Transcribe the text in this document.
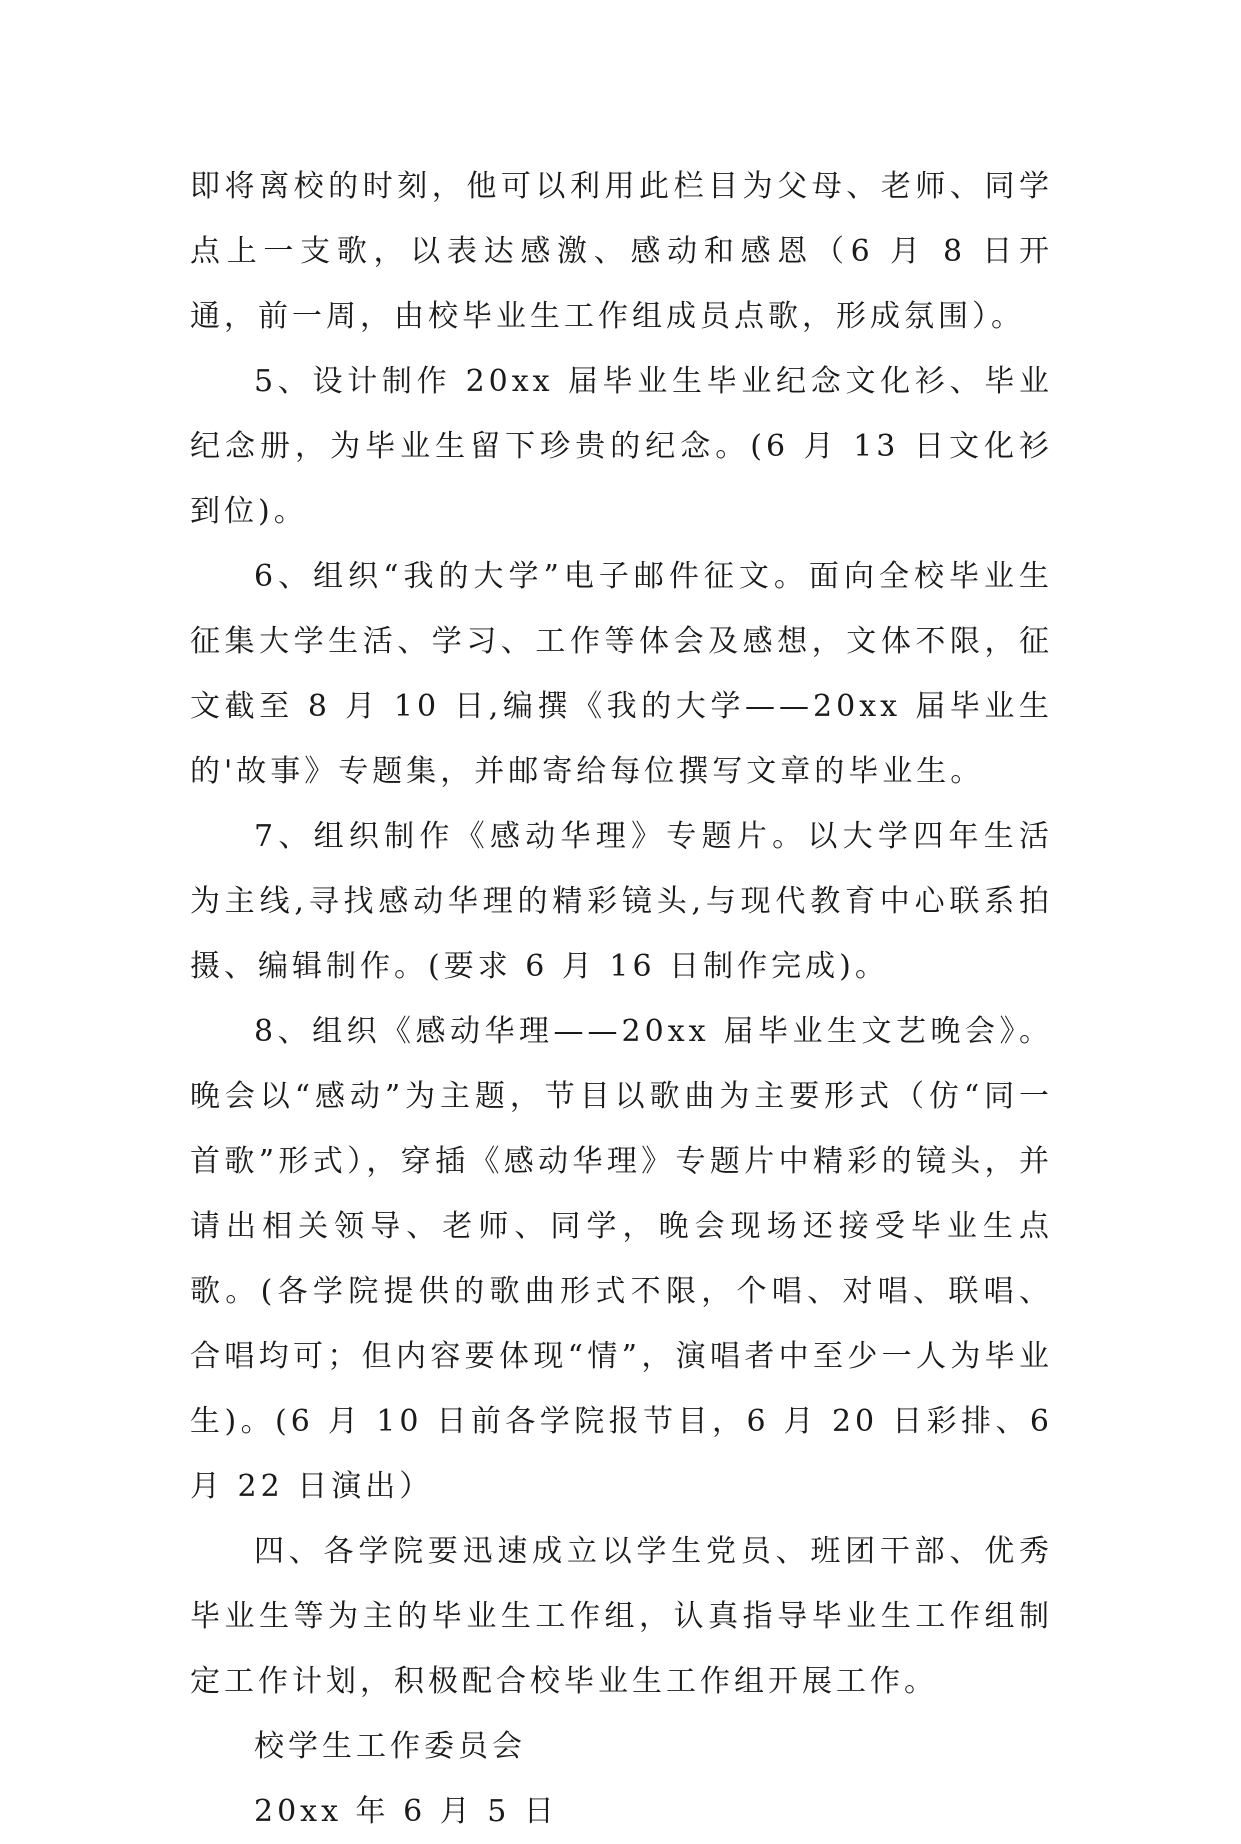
即将离校的时刻，他可以利用此栏目为父母、老师、同学点上一支歌，以表达感激、感动和感恩（6 月 8 日开通，前一周，由校毕业生工作组成员点歌，形成氛围）。

5、设计制作 20xx 届毕业生毕业纪念文化衫、毕业纪念册，为毕业生留下珍贵的纪念。(6 月 13 日文化衫到位)。

6、组织“我的大学”电子邮件征文。面向全校毕业生征集大学生活、学习、工作等体会及感想，文体不限，征文截至 8 月 10 日,编撰《我的大学——20xx 届毕业生的'故事》专题集，并邮寄给每位撰写文章的毕业生。

7、组织制作《感动华理》专题片。以大学四年生活为主线,寻找感动华理的精彩镜头,与现代教育中心联系拍摄、编辑制作。(要求 6 月 16 日制作完成)。

8、组织《感动华理——20xx 届毕业生文艺晚会》。晚会以“感动”为主题，节目以歌曲为主要形式（仿“同一首歌”形式），穿插《感动华理》专题片中精彩的镜头，并请出相关领导、老师、同学，晚会现场还接受毕业生点歌。(各学院提供的歌曲形式不限，个唱、对唱、联唱、合唱均可；但内容要体现“情”，演唱者中至少一人为毕业生)。(6 月 10 日前各学院报节目，6 月 20 日彩排、6 月 22 日演出）

四、各学院要迅速成立以学生党员、班团干部、优秀毕业生等为主的毕业生工作组，认真指导毕业生工作组制定工作计划，积极配合校毕业生工作组开展工作。

校学生工作委员会

20xx 年 6 月 5 日
